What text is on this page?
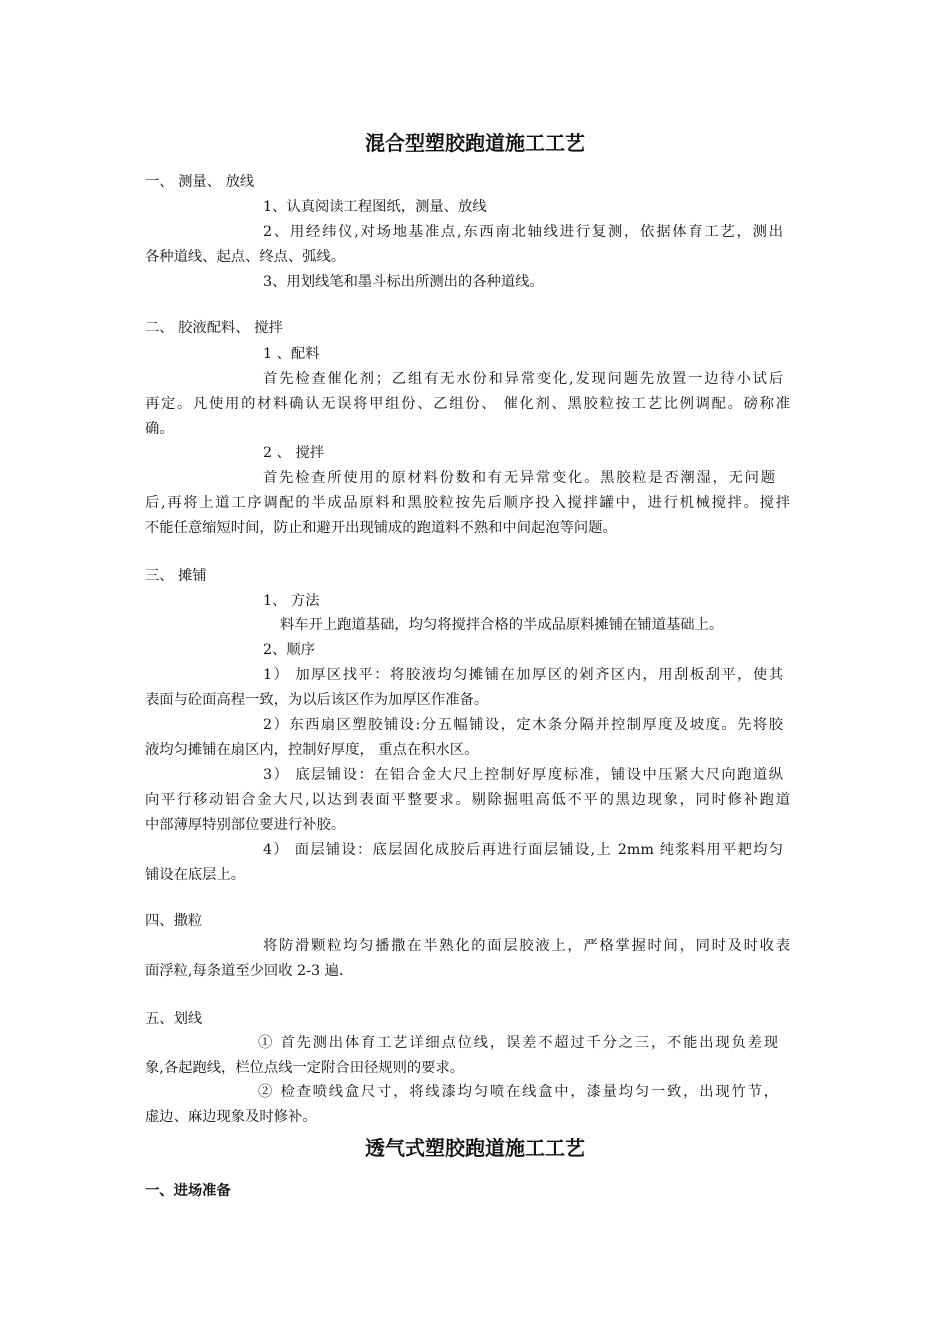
混合型塑胶跑道施工工艺
一、 测量、 放线
1、认真阅读工程图纸，测量、放线
2、用经纬仪,对场地基准点,东西南北轴线进行复测，依据体育工艺，测出
各种道线、起点、终点、弧线。
3、用划线笔和墨斗标出所测出的各种道线。
二、 胶液配料、 搅拌
1 、配料
首先检查催化剂；乙组有无水份和异常变化,发现问题先放置一边待小试后
再定。凡使用的材料确认无误将甲组份、乙组份、 催化剂、黑胶粒按工艺比例调配。磅称准
确。
2 、 搅拌
首先检查所使用的原材料份数和有无异常变化。黑胶粒是否潮湿，无问题
后,再将上道工序调配的半成品原料和黑胶粒按先后顺序投入搅拌罐中，进行机械搅拌。搅拌
不能任意缩短时间，防止和避开出现铺成的跑道料不熟和中间起泡等问题。
三、 摊铺
1、 方法
料车开上跑道基础，均匀将搅拌合格的半成品原料摊铺在铺道基础上。
2、顺序
1） 加厚区找平：将胶液均匀摊铺在加厚区的剁齐区内，用刮板刮平，使其
表面与砼面高程一致，为以后该区作为加厚区作准备。
2）东西扇区塑胶铺设:分五幅铺设，定木条分隔并控制厚度及坡度。先将胶
液均匀摊铺在扇区内，控制好厚度， 重点在积水区。
3） 底层铺设：在铝合金大尺上控制好厚度标准，铺设中压紧大尺向跑道纵
向平行移动铝合金大尺,以达到表面平整要求。剔除掘咀高低不平的黑边现象，同时修补跑道
中部薄厚特别部位要进行补胶。
4） 面层铺设：底层固化成胶后再进行面层铺设,上 2mm 纯浆料用平耙均匀
铺设在底层上。
四、撒粒
将防滑颗粒均匀播撒在半熟化的面层胶液上，严格掌握时间，同时及时收表
面浮粒,每条道至少回收 2-3 遍.
五、划线
① 首先测出体育工艺详细点位线，误差不超过千分之三，不能出现负差现
象,各起跑线，栏位点线一定附合田径规则的要求。
② 检查喷线盒尺寸，将线漆均匀喷在线盒中，漆量均匀一致，出现竹节，
虚边、麻边现象及时修补。
透气式塑胶跑道施工工艺
一、进场准备
